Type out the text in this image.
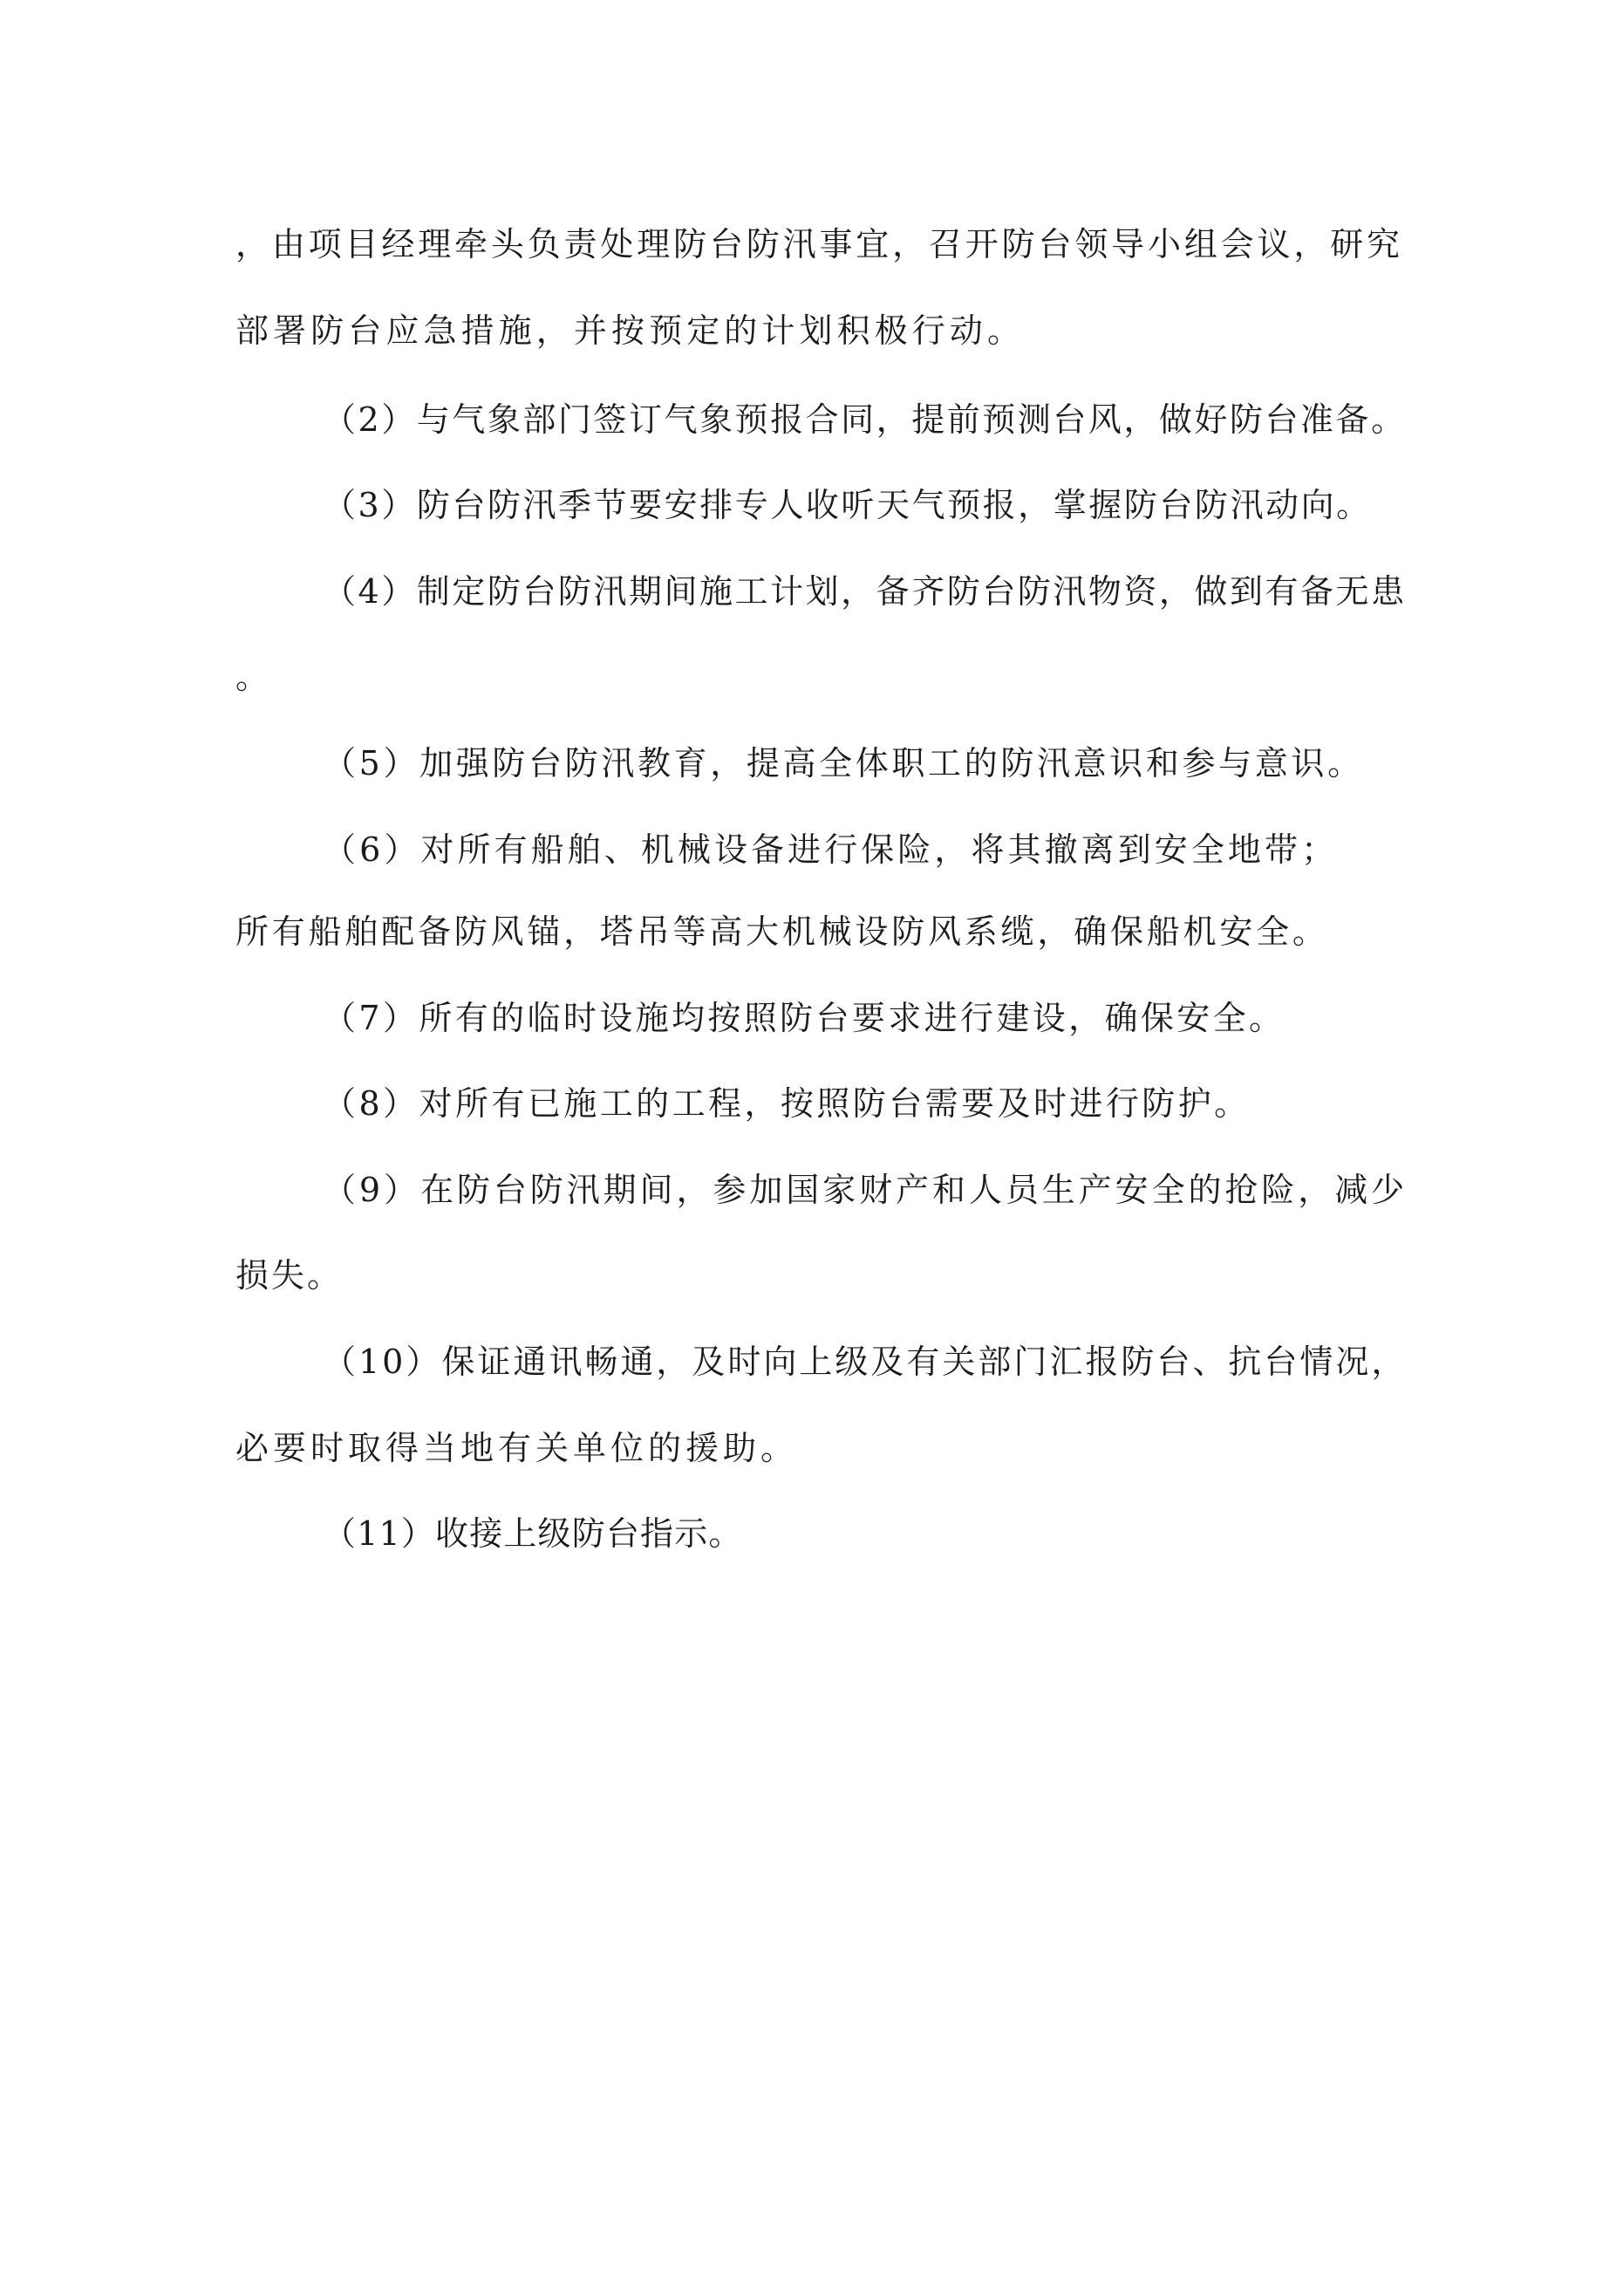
，由项目经理牵头负责处理防台防汛事宜，召开防台领导小组会议，研究

部署防台应急措施，并按预定的计划积极行动。

（2）与气象部门签订气象预报合同，提前预测台风，做好防台准备。

（3）防台防汛季节要安排专人收听天气预报，掌握防台防汛动向。

（4）制定防台防汛期间施工计划，备齐防台防汛物资，做到有备无患

。

（5）加强防台防汛教育，提高全体职工的防汛意识和参与意识。

（6）对所有船舶、机械设备进行保险，将其撤离到安全地带；

所有船舶配备防风锚，塔吊等高大机械设防风系缆，确保船机安全。

（7）所有的临时设施均按照防台要求进行建设，确保安全。

（8）对所有已施工的工程，按照防台需要及时进行防护。

（9）在防台防汛期间，参加国家财产和人员生产安全的抢险，减少

损失。

（10）保证通讯畅通，及时向上级及有关部门汇报防台、抗台情况，

必要时取得当地有关单位的援助。

（11）收接上级防台指示。
